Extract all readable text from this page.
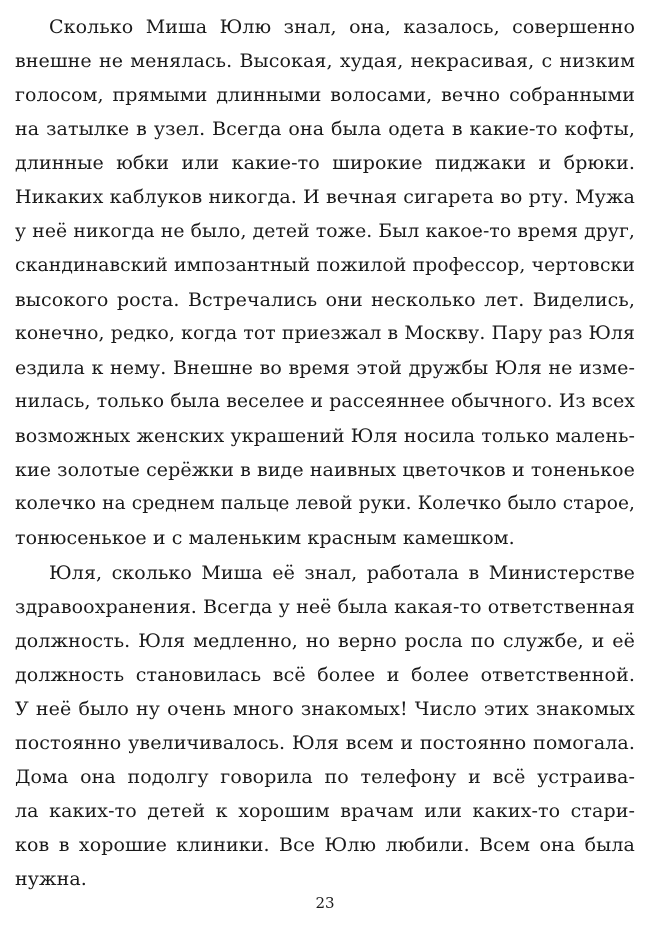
Сколько Миша Юлю знал, она, казалось, совершенно
внешне не менялась. Высокая, худая, некрасивая, с низким
голосом, прямыми длинными волосами, вечно собранными
на затылке в узел. Всегда она была одета в какие-то кофты,
длинные юбки или какие-то широкие пиджаки и брюки.
Никаких каблуков никогда. И вечная сигарета во рту. Мужа
у неё никогда не было, детей тоже. Был какое-то время друг,
скандинавский импозантный пожилой профессор, чертовски
высокого роста. Встречались они несколько лет. Виделись,
конечно, редко, когда тот приезжал в Москву. Пару раз Юля
ездила к нему. Внешне во время этой дружбы Юля не изме-
нилась, только была веселее и рассеяннее обычного. Из всех
возможных женских украшений Юля носила только малень-
кие золотые серёжки в виде наивных цветочков и тоненькое
колечко на среднем пальце левой руки. Колечко было старое,
тонюсенькое и с маленьким красным камешком.
Юля, сколько Миша её знал, работала в Министерстве
здравоохранения. Всегда у неё была какая-то ответственная
должность. Юля медленно, но верно росла по службе, и её
должность становилась всё более и более ответственной.
У неё было ну очень много знакомых! Число этих знакомых
постоянно увеличивалось. Юля всем и постоянно помогала.
Дома она подолгу говорила по телефону и всё устраива-
ла каких-то детей к хорошим врачам или каких-то стари-
ков в хорошие клиники. Все Юлю любили. Всем она была
нужна.
23
